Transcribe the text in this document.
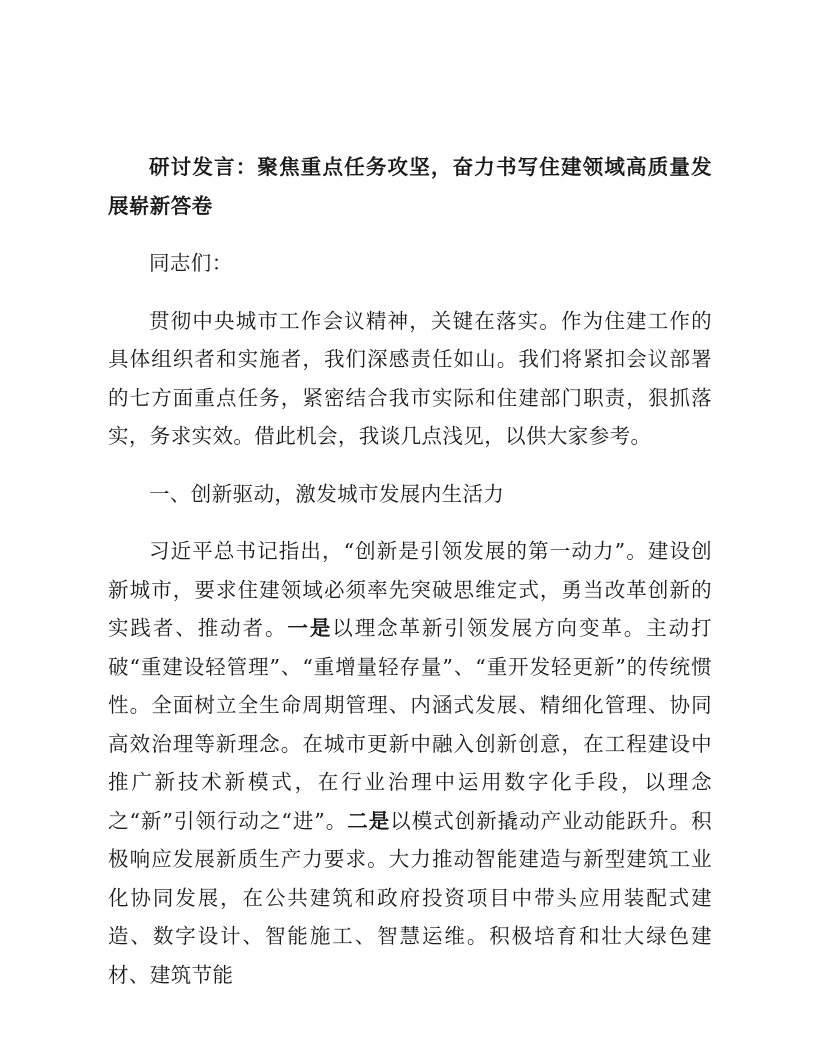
研讨发言：聚焦重点任务攻坚，奋力书写住建领域高质量发展崭新答卷

同志们：

贯彻中央城市工作会议精神，关键在落实。作为住建工作的具体组织者和实施者，我们深感责任如山。我们将紧扣会议部署的七方面重点任务，紧密结合我市实际和住建部门职责，狠抓落实，务求实效。借此机会，我谈几点浅见，以供大家参考。

一、创新驱动，激发城市发展内生活力

习近平总书记指出，“创新是引领发展的第一动力”。建设创新城市，要求住建领域必须率先突破思维定式，勇当改革创新的实践者、推动者。一是以理念革新引领发展方向变革。主动打破“重建设轻管理”、“重增量轻存量”、“重开发轻更新”的传统惯性。全面树立全生命周期管理、内涵式发展、精细化管理、协同高效治理等新理念。在城市更新中融入创新创意，在工程建设中推广新技术新模式，在行业治理中运用数字化手段，以理念之“新”引领行动之“进”。二是以模式创新撬动产业动能跃升。积极响应发展新质生产力要求。大力推动智能建造与新型建筑工业化协同发展，在公共建筑和政府投资项目中带头应用装配式建造、数字设计、智能施工、智慧运维。积极培育和壮大绿色建材、建筑节能
